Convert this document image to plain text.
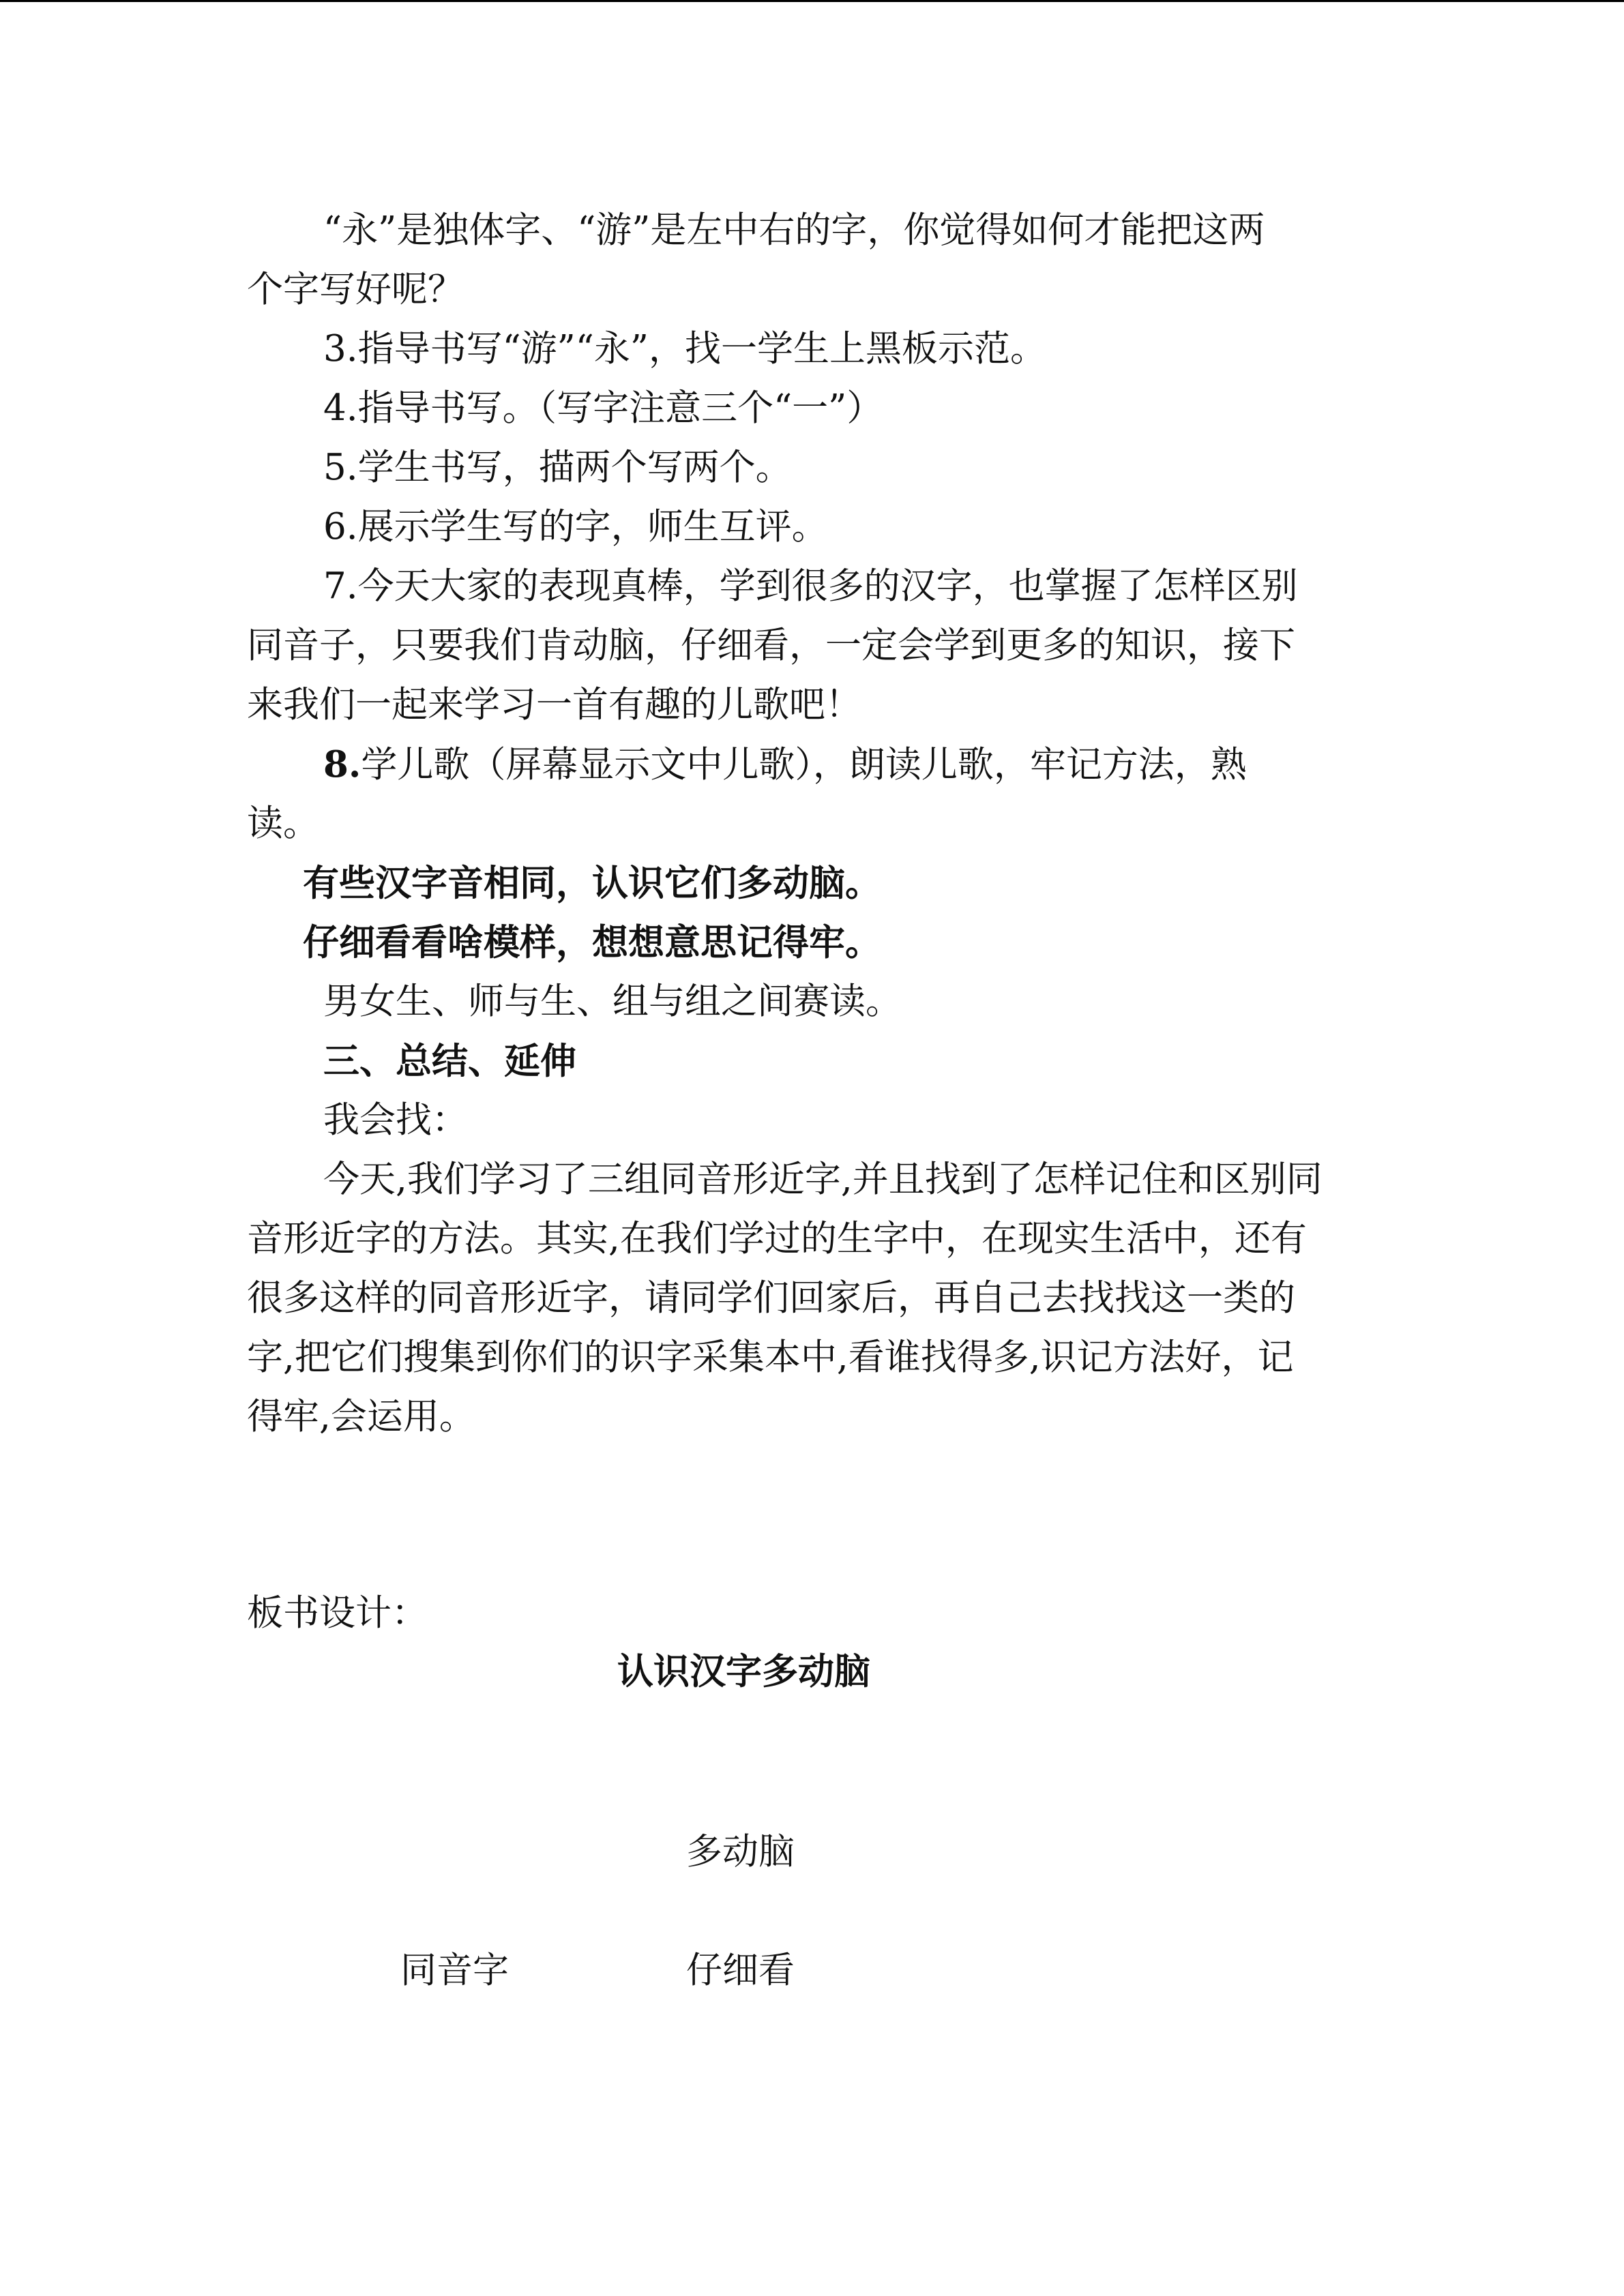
“永”是独体字、“游”是左中右的字，你觉得如何才能把这两
个字写好呢？
3.指导书写“游”“永”，找一学生上黑板示范。
4.指导书写。（写字注意三个“一”）
5.学生书写，描两个写两个。
6.展示学生写的字，师生互评。
7.今天大家的表现真棒，学到很多的汉字，也掌握了怎样区别
同音子，只要我们肯动脑，仔细看，一定会学到更多的知识，接下
来我们一起来学习一首有趣的儿歌吧！
8.学儿歌（屏幕显示文中儿歌），朗读儿歌，牢记方法，熟
读。
有些汉字音相同，认识它们多动脑。
仔细看看啥模样，想想意思记得牢。
男女生、师与生、组与组之间赛读。
三、总结、延伸
我会找：
今天,我们学习了三组同音形近字,并且找到了怎样记住和区别同
音形近字的方法。其实,在我们学过的生字中，在现实生活中，还有
很多这样的同音形近字，请同学们回家后，再自己去找找这一类的
字,把它们搜集到你们的识字采集本中,看谁找得多,识记方法好，记
得牢,会运用。
板书设计：
认识汉字多动脑
多动脑
同音字	仔细看
